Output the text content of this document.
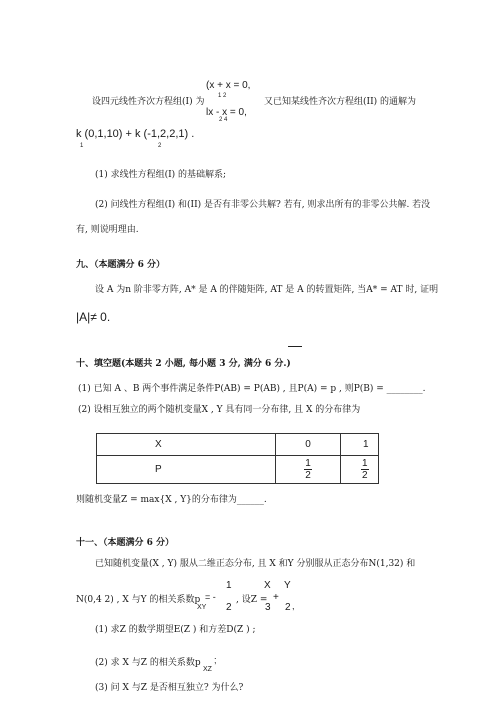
(x + x = 0,
1 2
设四元线性齐次方程组(I) 为	又已知某线性齐次方程组(II) 的通解为
lx - x = 0,
2 4
k (0,1,10) + k (-1,2,2,1) .
1	2
(1) 求线性方程组(I) 的基础解系;
(2) 问线性方程组(I) 和(II) 是否有非零公共解? 若有, 则求出所有的非零公共解. 若没
有, 则说明理由.
九、（本题满分 6 分）
设 A 为n 阶非零方阵, A* 是 A 的伴随矩阵, AT 是 A 的转置矩阵, 当A* = AT 时, 证明
|A|≠ 0.
十、填空题(本题共 2 小题, 每小题 3 分, 满分 6 分.)
(1) 已知 A 、B 两个事件满足条件P(AB) = P(AB) , 且P(A) = p , 则P(B) = ________.
(2) 设相互独立的两个随机变量X , Y 具有同一分布律, 且 X 的分布律为
X	0	1
P	$\frac{1}{2}$	$\frac{1}{2}$
则随机变量Z = max{X , Y}的分布律为______.
十一、（本题满分 6 分）
已知随机变量(X , Y) 服从二维正态分布, 且 X 和Y 分别服从正态分布N(1,32) 和
1	X Y
N(0,4 2) , X 与Y 的相关系数p = - , 设Z = +
XY 2	3 2 ,
(1) 求Z 的数学期望E(Z ) 和方差D(Z ) ;
(2) 求 X 与Z 的相关系数p
XZ
;
(3) 问 X 与Z 是否相互独立? 为什么?
